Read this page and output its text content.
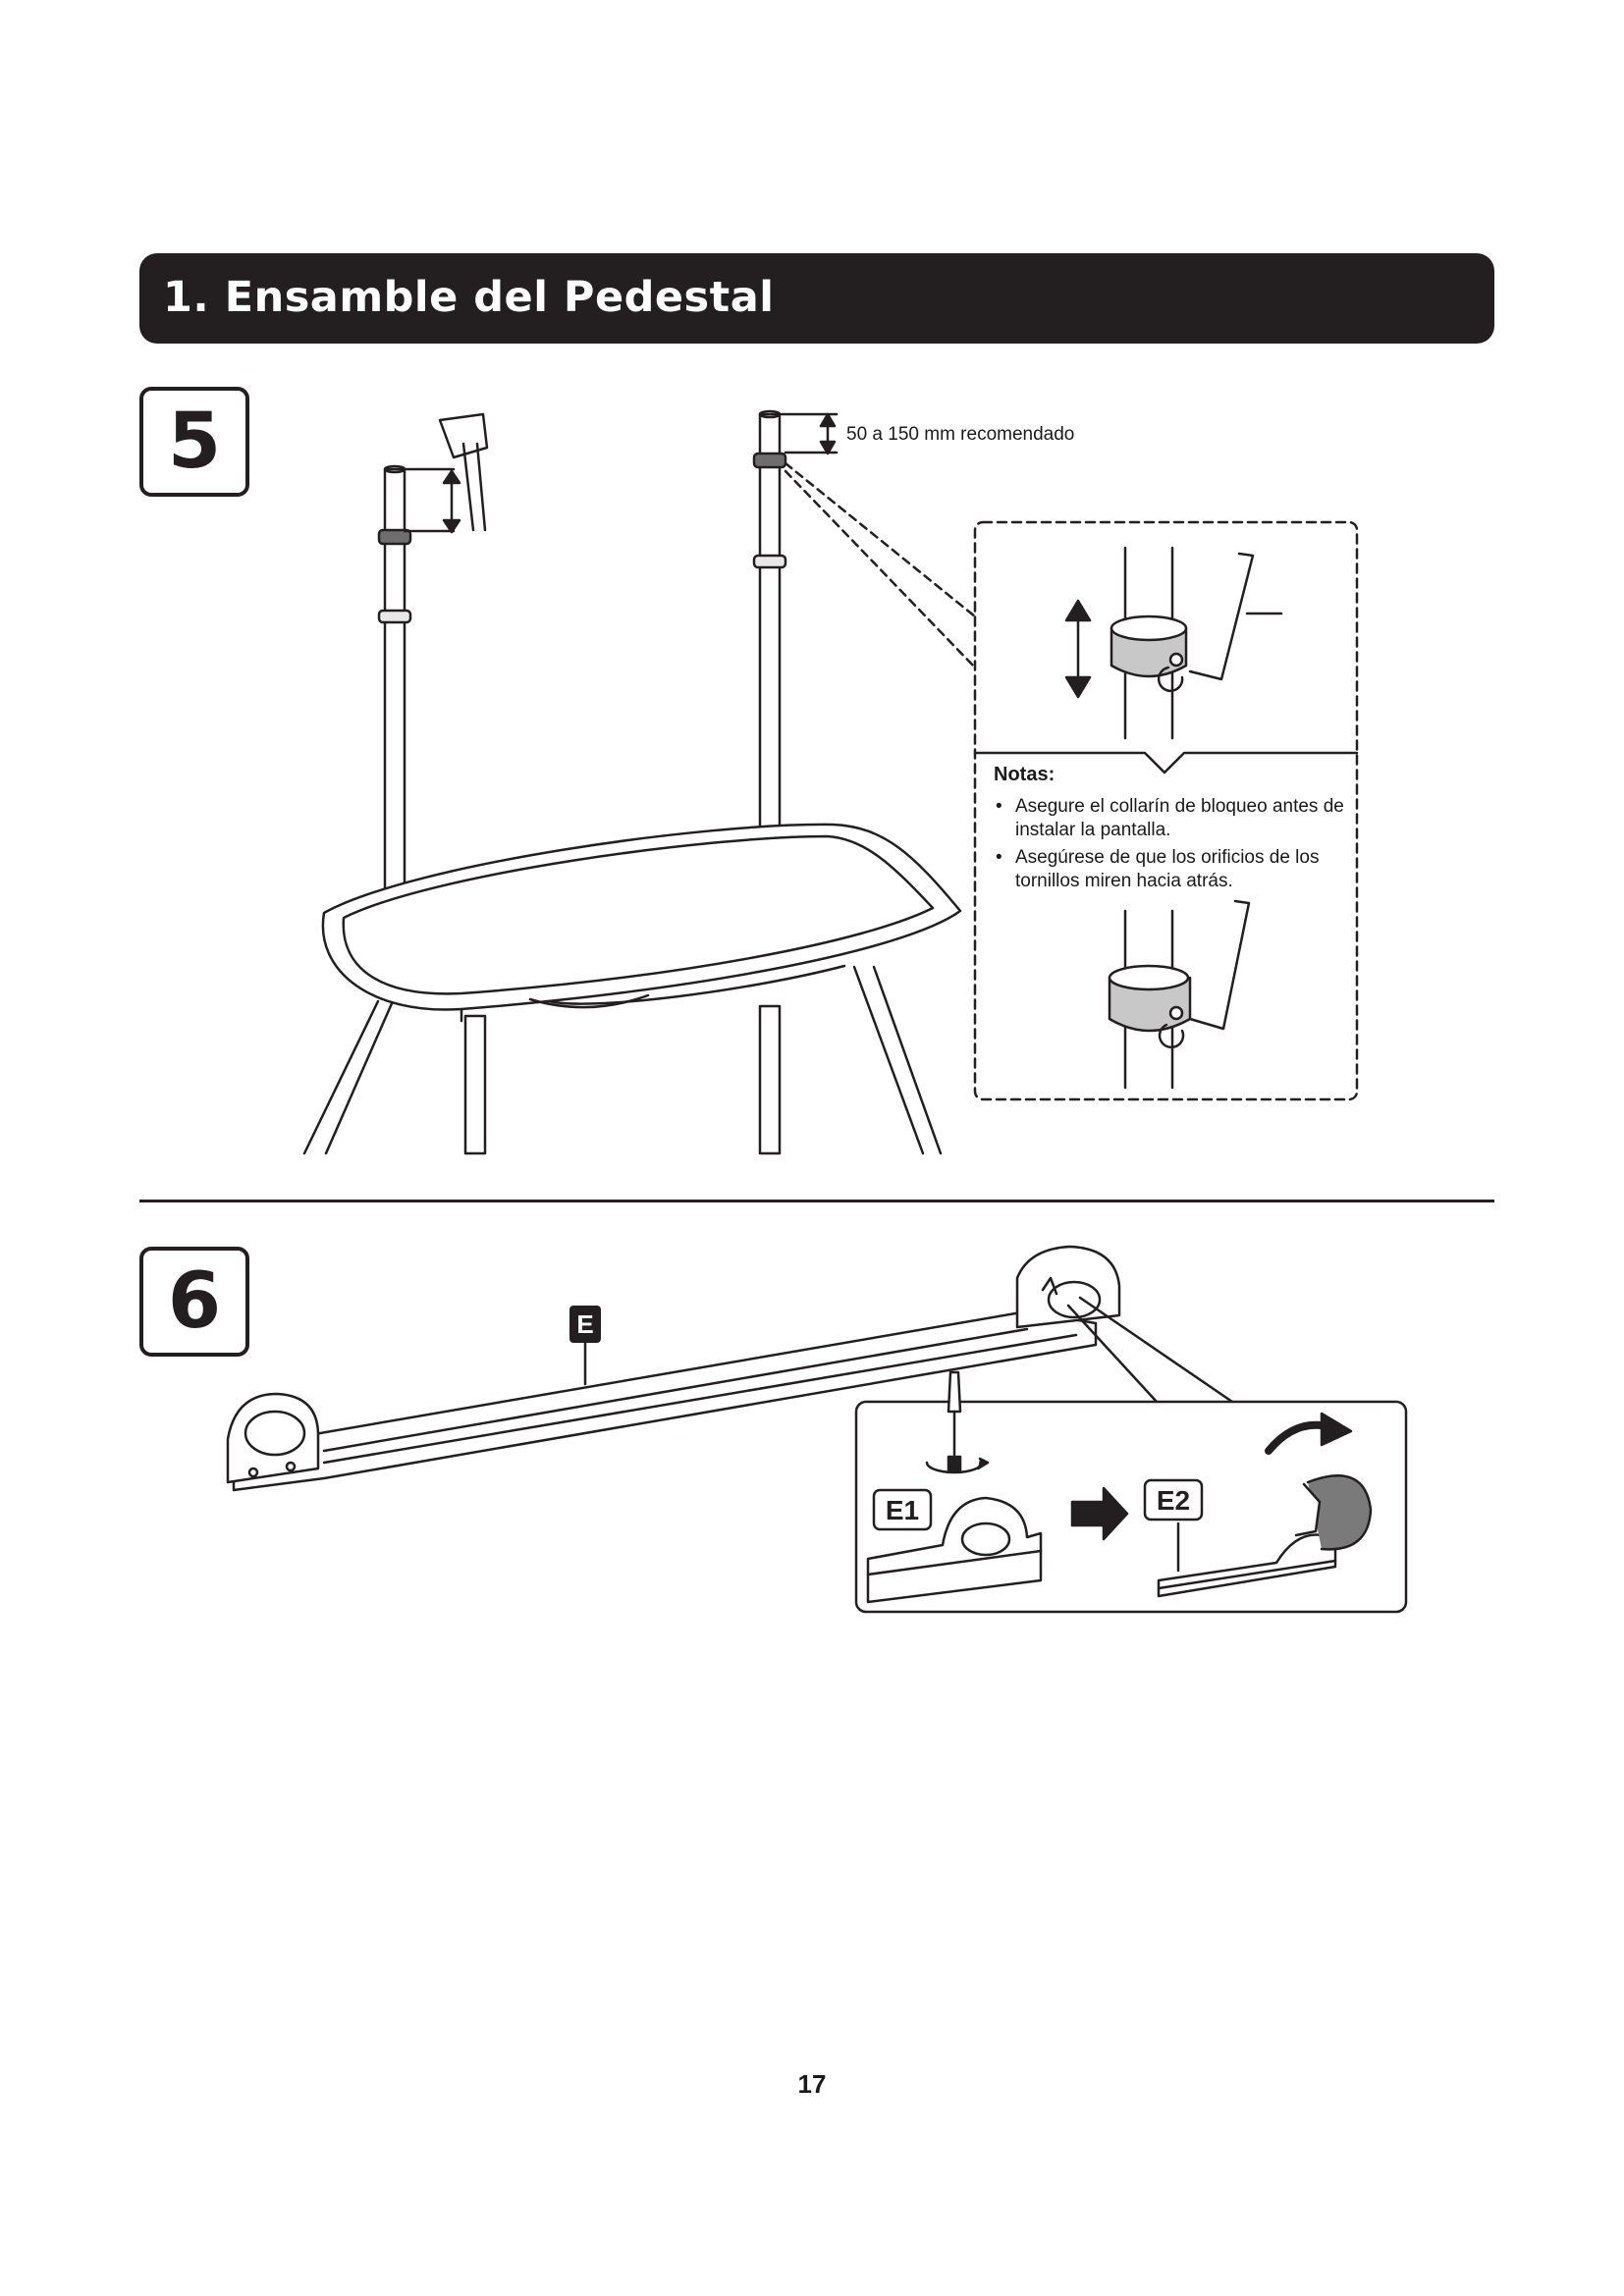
1. Ensamble del Pedestal
5
6	E
E1	E2
50 a 150 mm recomendado
Notas:
• Asegure el collarín de bloqueo antes de instalar la pantalla.
• Asegúrese de que los orificios de los tornillos miren hacia atrás.
17
